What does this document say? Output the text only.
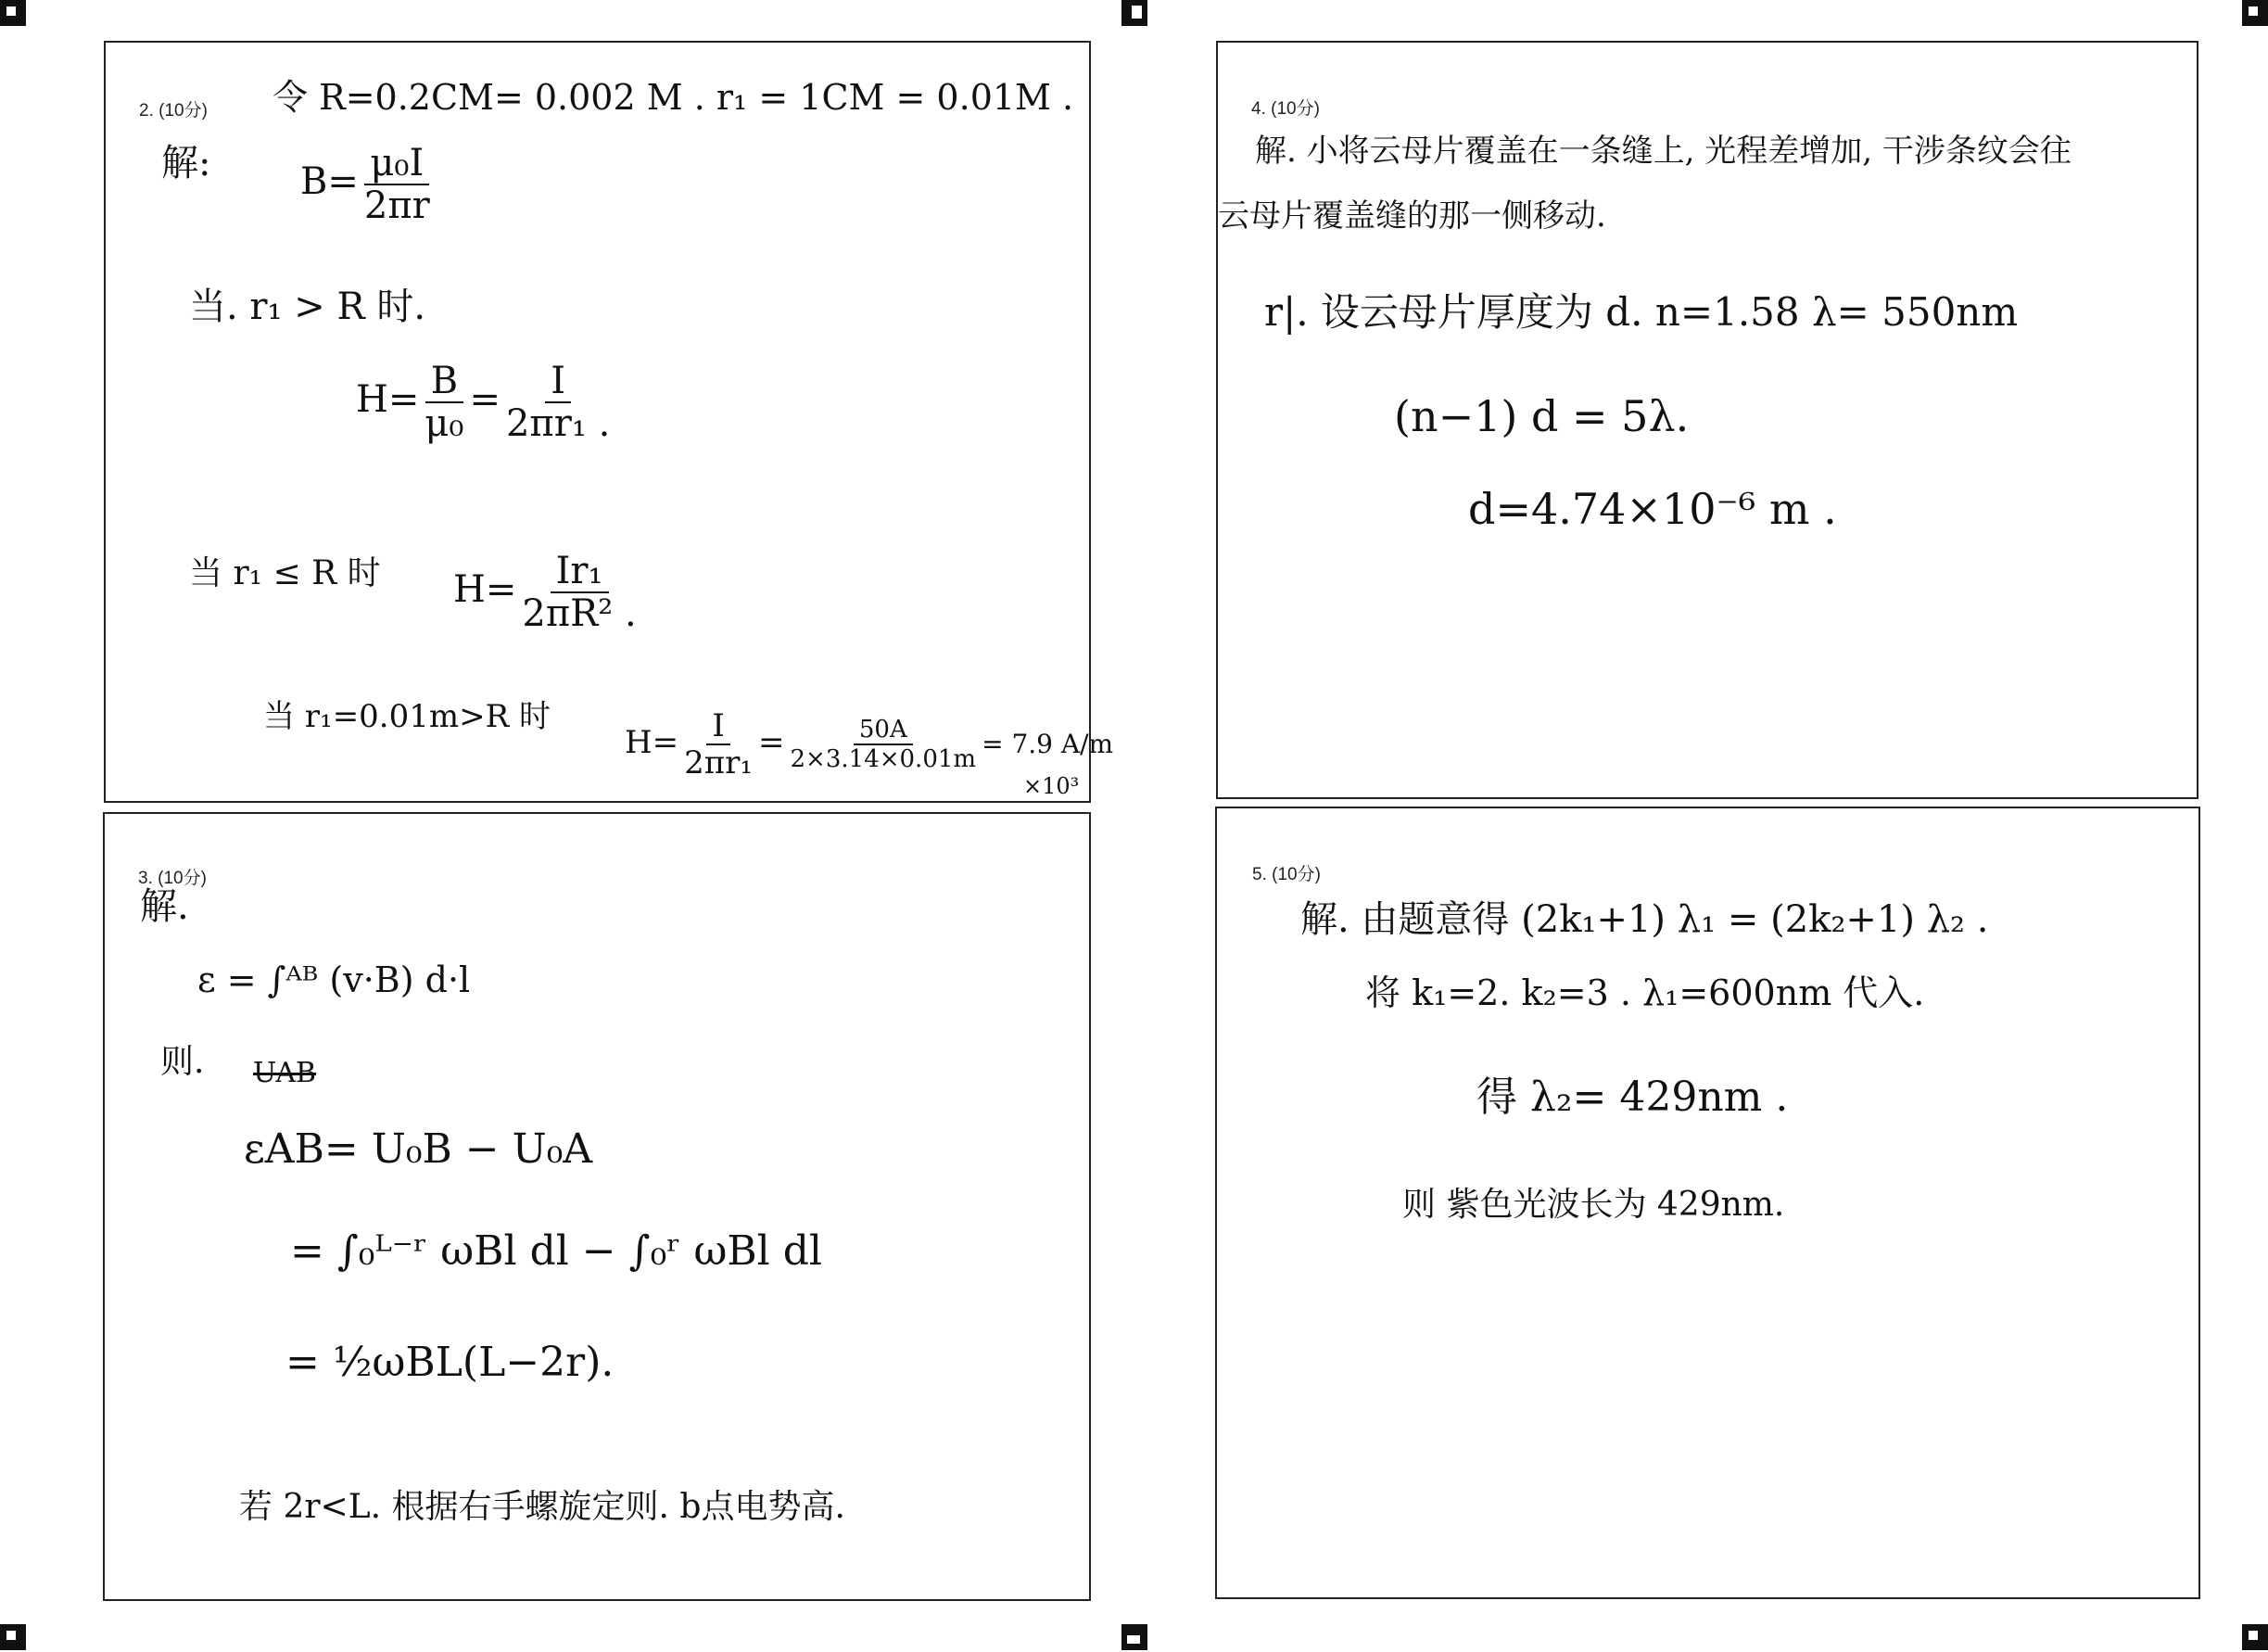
2. (10分) 令 R=0.2CM= 0.002 M . r₁ = 1CM = 0.01M .
解: $B= \frac{\text{μ₀I}}{2\pi r}$
当. r₁ > R 时.
$H= \frac{B}{\text{μ₀}} = \frac{I}{\text{2πr₁ .}}$
当 r₁ ≤ R 时 $H= \frac{\text{Ir₁}}{\text{2πR² .}}$
当 r₁=0.01m>R 时
$H= \frac{I}{\text{2πr₁}} = \frac{50A}{2\times 3.14\times 0.01m} = 7.9$ A/m
×10³
3. (10分)
解.
ε = ∫ᴬᴮ (v·B) d·l
则. UAB
εAB= U₀B − U₀A
= ∫₀ᴸ⁻ʳ ωBl dl − ∫₀ʳ ωBl dl
= ½ωBL(L−2r).
若 2r<L. 根据右手螺旋定则. b点电势高.
4. (10分)
解. 小将云母片覆盖在一条缝上, 光程差增加, 干涉条纹会往
云母片覆盖缝的那一侧移动.
r|. 设云母片厚度为 d. n=1.58 λ= 550nm
(n−1) d = 5λ.
d=4.74×10⁻⁶ m .
5. (10分)
解. 由题意得 (2k₁+1) λ₁ = (2k₂+1) λ₂ .
将 k₁=2. k₂=3 . λ₁=600nm 代入.
得 λ₂= 429nm .
则 紫色光波长为 429nm.
